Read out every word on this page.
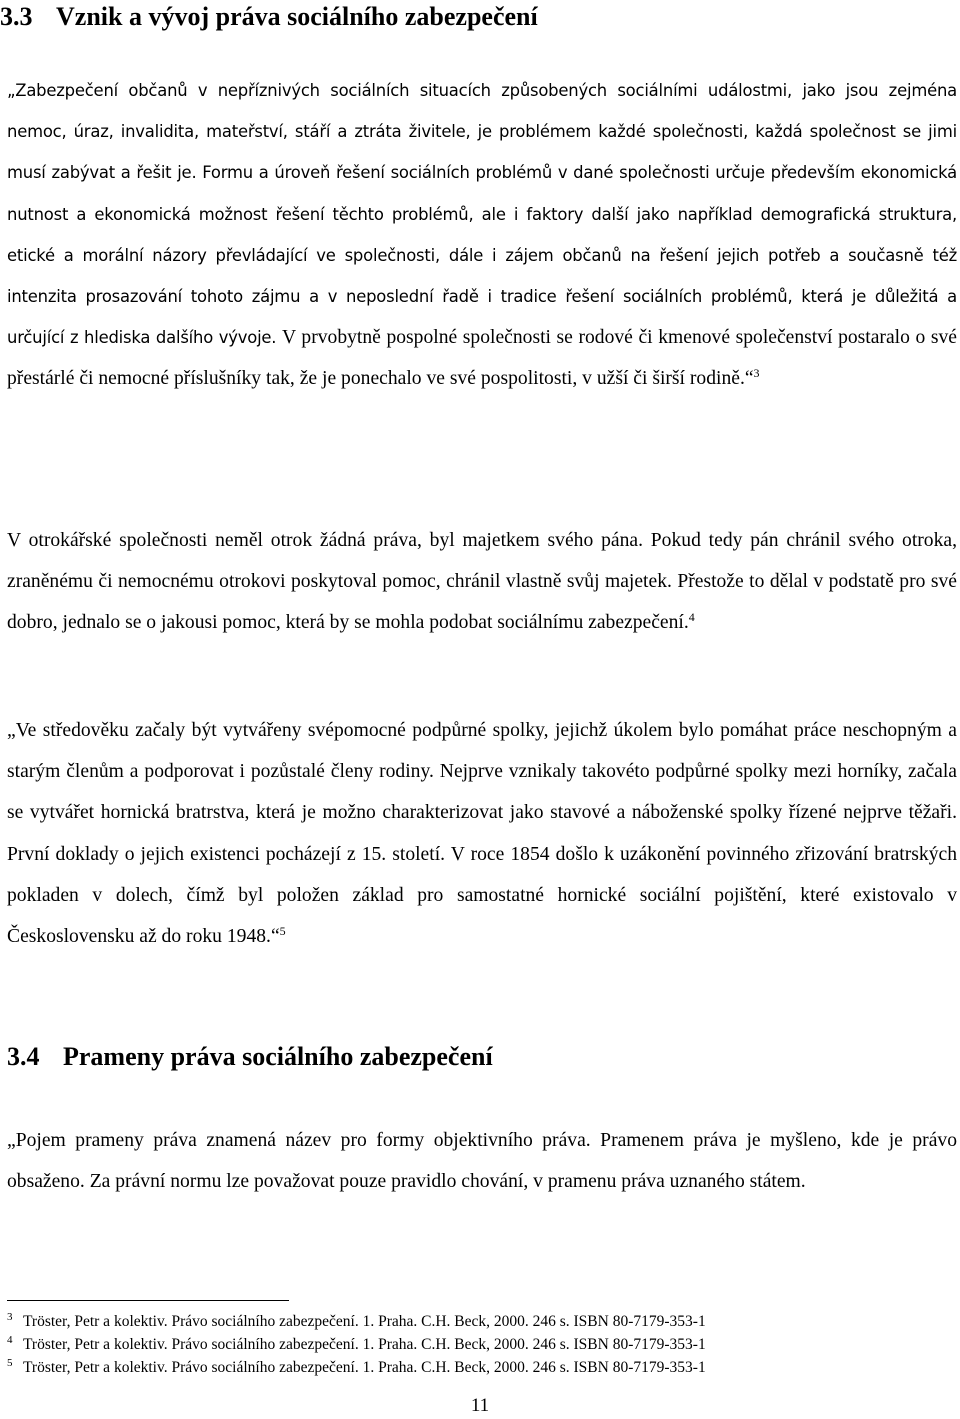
3.3 Vznik a vývoj práva sociálního zabezpečení

„Zabezpečení občanů v nepříznivých sociálních situacích způsobených sociálními událostmi, jako jsou zejména nemoc, úraz, invalidita, mateřství, stáří a ztráta živitele, je problémem každé společnosti, každá společnost se jimi musí zabývat a řešit je. Formu a úroveň řešení sociálních problémů v dané společnosti určuje především ekonomická nutnost a ekonomická možnost řešení těchto problémů, ale i faktory další jako například demografická struktura, etické a morální názory převládající ve společnosti, dále i zájem občanů na řešení jejich potřeb a současně též intenzita prosazování tohoto zájmu a v neposlední řadě i tradice řešení sociálních problémů, která je důležitá a určující z hlediska dalšího vývoje. V prvobytně pospolné společnosti se rodové či kmenové společenství postaralo o své přestárlé či nemocné příslušníky tak, že je ponechalo ve své pospolitosti, v užší či širší rodině.“$^3$

V otrokářské společnosti neměl otrok žádná práva, byl majetkem svého pána. Pokud tedy pán chránil svého otroka, zraněnému či nemocnému otrokovi poskytoval pomoc, chránil vlastně svůj majetek. Přestože to dělal v podstatě pro své dobro, jednalo se o jakousi pomoc, která by se mohla podobat sociálnímu zabezpečení.$^4$

„Ve středověku začaly být vytvářeny svépomocné podpůrné spolky, jejichž úkolem bylo pomáhat práce neschopným a starým členům a podporovat i pozůstalé členy rodiny. Nejprve vznikaly takovéto podpůrné spolky mezi horníky, začala se vytvářet hornická bratrstva, která je možno charakterizovat jako stavové a náboženské spolky řízené nejprve těžaři. První doklady o jejich existenci pocházejí z 15. století. V roce 1854 došlo k uzákonění povinného zřizování bratrských pokladen v dolech, čímž byl položen základ pro samostatné hornické sociální pojištění, které existovalo v Československu až do roku 1948.“$^5$

3.4 Prameny práva sociálního zabezpečení

„Pojem prameny práva znamená název pro formy objektivního práva. Pramenem práva je myšleno, kde je právo obsaženo. Za právní normu lze považovat pouze pravidlo chování, v pramenu práva uznaného státem.

3 Tröster, Petr a kolektiv. Právo sociálního zabezpečení. 1. Praha. C.H. Beck, 2000. 246 s. ISBN 80-7179-353-1
4 Tröster, Petr a kolektiv. Právo sociálního zabezpečení. 1. Praha. C.H. Beck, 2000. 246 s. ISBN 80-7179-353-1
5 Tröster, Petr a kolektiv. Právo sociálního zabezpečení. 1. Praha. C.H. Beck, 2000. 246 s. ISBN 80-7179-353-1
11
